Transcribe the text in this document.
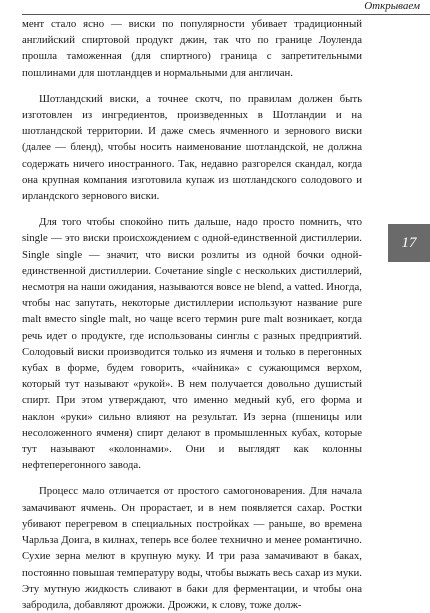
Открываем
17

мент стало ясно — виски по популярности убивает традиционный английский спиртовой продукт джин, так что по границе Лоуленда прошла таможенная (для спиртного) граница с запретительными пошлинами для шотландцев и нормальными для англичан.

Шотландский виски, а точнее скотч, по правилам должен быть изготовлен из ингредиентов, произведенных в Шотландии и на шотландской территории. И даже смесь ячменного и зернового виски (далее — бленд), чтобы носить наименование шотландской, не должна содержать ничего иностранного. Так, недавно разгорелся скандал, когда она крупная компания изготовила купаж из шотландского солодового и ирландского зернового виски.

Для того чтобы спокойно пить дальше, надо просто помнить, что single — это виски происхождением с одной-единственной дистиллерии. Single single — значит, что виски розлиты из одной бочки одной-единственной дистиллерии. Сочетание single с нескольких дистиллерий, несмотря на наши ожидания, называются вовсе не blend, а vatted. Иногда, чтобы нас запутать, некоторые дистиллерии используют название pure malt вместо single malt, но чаще всего термин pure malt возникает, когда речь идет о продукте, где использованы синглы с разных предприятий. Солодовый виски производится только из ячменя и только в перегонных кубах в форме, будем говорить, «чайника» с сужающимся верхом, который тут называют «рукой». В нем получается довольно душистый спирт. При этом утверждают, что именно медный куб, его форма и наклон «руки» сильно влияют на результат. Из зерна (пшеницы или несоложенного ячменя) спирт делают в промышленных кубах, которые тут называют «колоннами». Они и выглядят как колонны нефтеперегонного завода.

Процесс мало отличается от простого самогоноварения. Для начала замачивают ячмень. Он прорастает, и в нем появляется сахар. Ростки убивают перегревом в специальных постройках — раньше, во времена Чарльза Доига, в килнах, теперь все более технично и менее романтично. Сухие зерна мелют в крупную муку. И три раза замачивают в баках, постоянно повышая температуру воды, чтобы выжать весь сахар из муки. Эту мутную жидкость сливают в баки для ферментации, и чтобы она забродила, добавляют дрожжи. Дрожжи, к слову, тоже долж-
